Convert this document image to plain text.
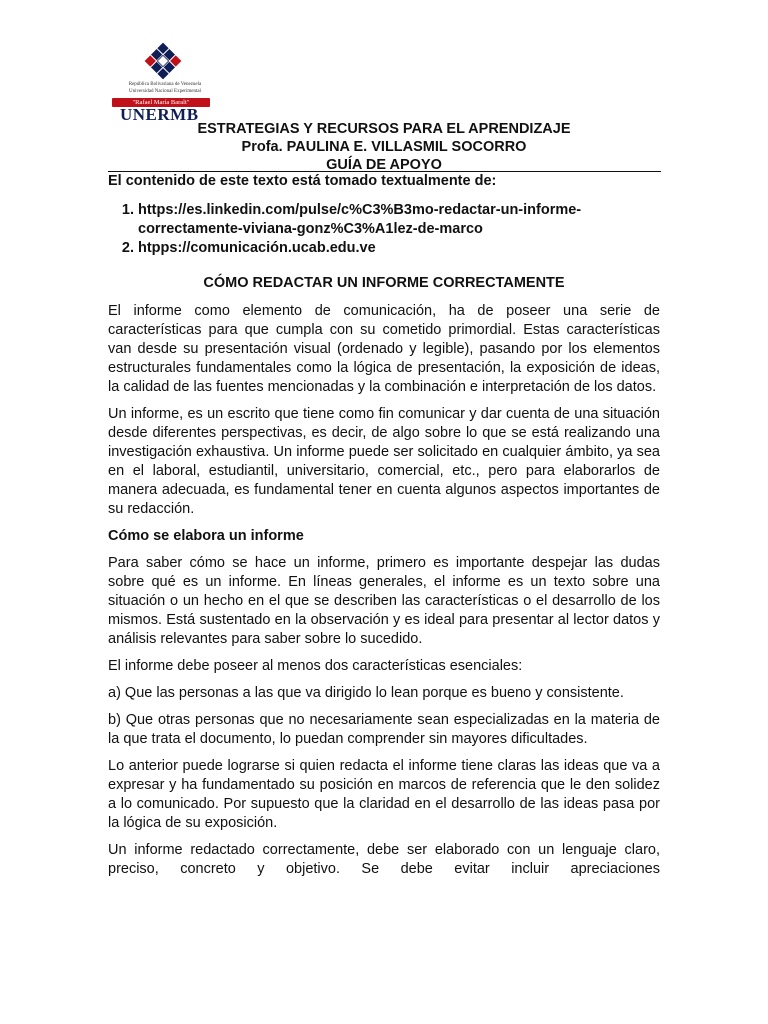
República Bolivariana de Venezuela
Universidad Nacional Experimental
"Rafael María Baralt"
UNERMB
ESTRATEGIAS Y RECURSOS PARA EL APRENDIZAJE
Profa. PAULINA E. VILLASMIL SOCORRO
GUÍA DE APOYO

El contenido de este texto está tomado textualmente de:

1. https://es.linkedin.com/pulse/c%C3%B3mo-redactar-un-informe-correctamente-viviana-gonz%C3%A1lez-de-marco
2. htpps://comunicación.ucab.edu.ve

CÓMO REDACTAR UN INFORME CORRECTAMENTE

El informe como elemento de comunicación, ha de poseer una serie de características para que cumpla con su cometido primordial. Estas características van desde su presentación visual (ordenado y legible), pasando por los elementos estructurales fundamentales como la lógica de presentación, la exposición de ideas, la calidad de las fuentes mencionadas y la combinación e interpretación de los datos.

Un informe, es un escrito que tiene como fin comunicar y dar cuenta de una situación desde diferentes perspectivas, es decir, de algo sobre lo que se está realizando una investigación exhaustiva. Un informe puede ser solicitado en cualquier ámbito, ya sea en el laboral, estudiantil, universitario, comercial, etc., pero para elaborarlos de manera adecuada, es fundamental tener en cuenta algunos aspectos importantes de su redacción.

Cómo se elabora un informe

Para saber cómo se hace un informe, primero es importante despejar las dudas sobre qué es un informe. En líneas generales, el informe es un texto sobre una situación o un hecho en el que se describen las características o el desarrollo de los mismos. Está sustentado en la observación y es ideal para presentar al lector datos y análisis relevantes para saber sobre lo sucedido.

El informe debe poseer al menos dos características esenciales:

a) Que las personas a las que va dirigido lo lean porque es bueno y consistente.

b) Que otras personas que no necesariamente sean especializadas en la materia de la que trata el documento, lo puedan comprender sin mayores dificultades.

Lo anterior puede lograrse si quien redacta el informe tiene claras las ideas que va a expresar y ha fundamentado su posición en marcos de referencia que le den solidez a lo comunicado. Por supuesto que la claridad en el desarrollo de las ideas pasa por la lógica de su exposición.

Un informe redactado correctamente, debe ser elaborado con un lenguaje claro, preciso, concreto y objetivo. Se debe evitar incluir apreciaciones
